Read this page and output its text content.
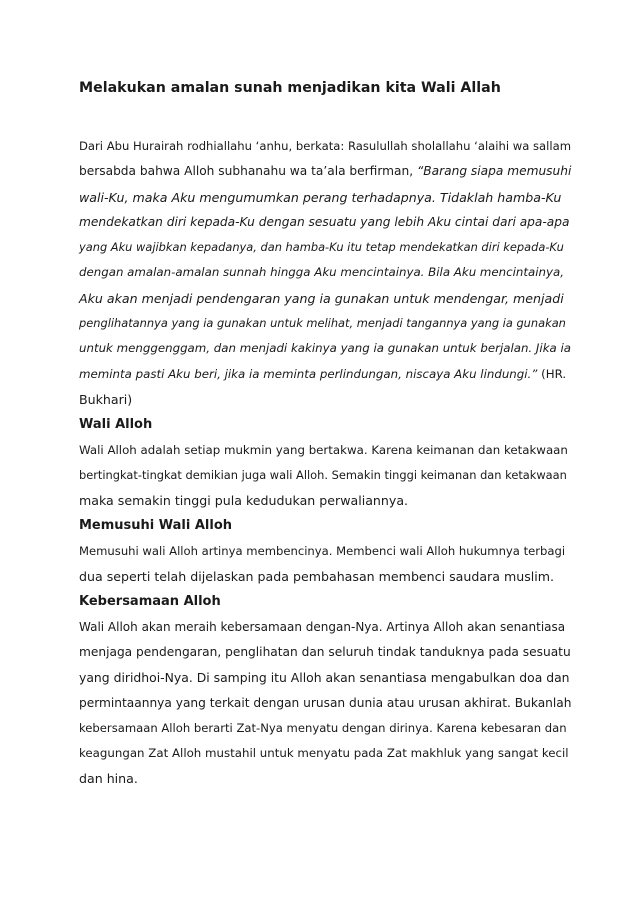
Melakukan amalan sunah menjadikan kita Wali Allah
Dari Abu Hurairah rodhiallahu ‘anhu, berkata: Rasulullah sholallahu ‘alaihi wa sallam
bersabda bahwa Alloh subhanahu wa ta’ala berfirman, “Barang siapa memusuhi
wali-Ku, maka Aku mengumumkan perang terhadapnya. Tidaklah hamba-Ku
mendekatkan diri kepada-Ku dengan sesuatu yang lebih Aku cintai dari apa-apa
yang Aku wajibkan kepadanya, dan hamba-Ku itu tetap mendekatkan diri kepada-Ku
dengan amalan-amalan sunnah hingga Aku mencintainya. Bila Aku mencintainya,
Aku akan menjadi pendengaran yang ia gunakan untuk mendengar, menjadi
penglihatannya yang ia gunakan untuk melihat, menjadi tangannya yang ia gunakan
untuk menggenggam, dan menjadi kakinya yang ia gunakan untuk berjalan. Jika ia
meminta pasti Aku beri, jika ia meminta perlindungan, niscaya Aku lindungi.” (HR.
Bukhari)
Wali Alloh
Wali Alloh adalah setiap mukmin yang bertakwa. Karena keimanan dan ketakwaan
bertingkat-tingkat demikian juga wali Alloh. Semakin tinggi keimanan dan ketakwaan
maka semakin tinggi pula kedudukan perwaliannya.
Memusuhi Wali Alloh
Memusuhi wali Alloh artinya membencinya. Membenci wali Alloh hukumnya terbagi
dua seperti telah dijelaskan pada pembahasan membenci saudara muslim.
Kebersamaan Alloh
Wali Alloh akan meraih kebersamaan dengan-Nya. Artinya Alloh akan senantiasa
menjaga pendengaran, penglihatan dan seluruh tindak tanduknya pada sesuatu
yang diridhoi-Nya. Di samping itu Alloh akan senantiasa mengabulkan doa dan
permintaannya yang terkait dengan urusan dunia atau urusan akhirat. Bukanlah
kebersamaan Alloh berarti Zat-Nya menyatu dengan dirinya. Karena kebesaran dan
keagungan Zat Alloh mustahil untuk menyatu pada Zat makhluk yang sangat kecil
dan hina.
